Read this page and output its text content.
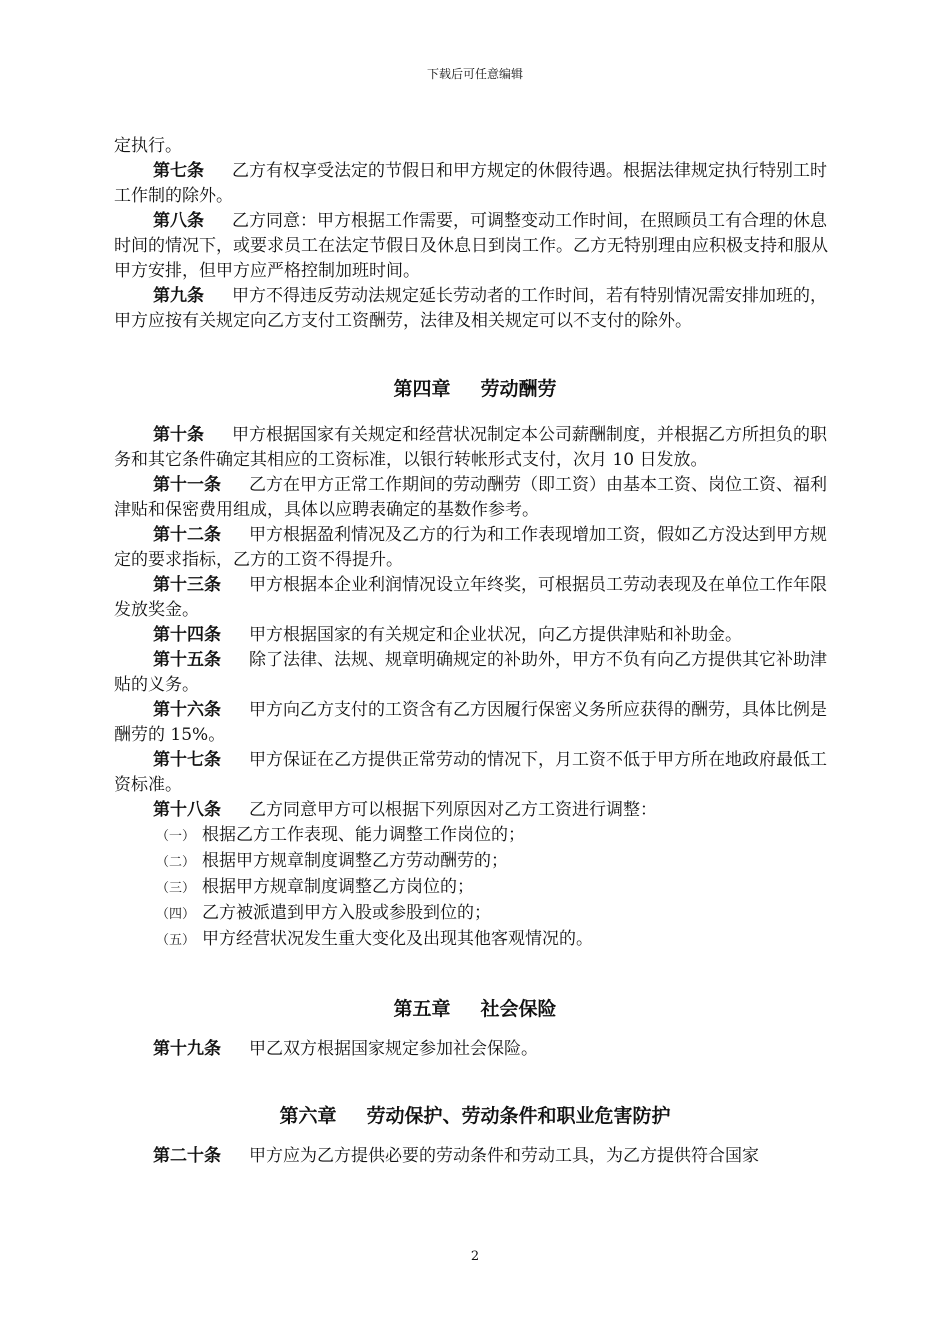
下载后可任意编辑

定执行。

第七条 乙方有权享受法定的节假日和甲方规定的休假待遇。根据法律规定执行特别工时工作制的除外。

第八条 乙方同意：甲方根据工作需要，可调整变动工作时间，在照顾员工有合理的休息时间的情况下，或要求员工在法定节假日及休息日到岗工作。乙方无特别理由应积极支持和服从甲方安排，但甲方应严格控制加班时间。

第九条 甲方不得违反劳动法规定延长劳动者的工作时间，若有特别情况需安排加班的，甲方应按有关规定向乙方支付工资酬劳，法律及相关规定可以不支付的除外。

第四章 劳动酬劳

第十条 甲方根据国家有关规定和经营状况制定本公司薪酬制度，并根据乙方所担负的职务和其它条件确定其相应的工资标准，以银行转帐形式支付，次月 10 日发放。

第十一条 乙方在甲方正常工作期间的劳动酬劳（即工资）由基本工资、岗位工资、福利津贴和保密费用组成，具体以应聘表确定的基数作参考。

第十二条 甲方根据盈利情况及乙方的行为和工作表现增加工资，假如乙方没达到甲方规定的要求指标，乙方的工资不得提升。

第十三条 甲方根据本企业利润情况设立年终奖，可根据员工劳动表现及在单位工作年限发放奖金。

第十四条 甲方根据国家的有关规定和企业状况，向乙方提供津贴和补助金。

第十五条 除了法律、法规、规章明确规定的补助外，甲方不负有向乙方提供其它补助津贴的义务。

第十六条 甲方向乙方支付的工资含有乙方因履行保密义务所应获得的酬劳，具体比例是酬劳的 15%。

第十七条 甲方保证在乙方提供正常劳动的情况下，月工资不低于甲方所在地政府最低工资标准。

第十八条 乙方同意甲方可以根据下列原因对乙方工资进行调整：

（一） 根据乙方工作表现、能力调整工作岗位的；

（二） 根据甲方规章制度调整乙方劳动酬劳的；

（三） 根据甲方规章制度调整乙方岗位的；

（四） 乙方被派遣到甲方入股或参股到位的；

（五） 甲方经营状况发生重大变化及出现其他客观情况的。

第五章 社会保险

第十九条 甲乙双方根据国家规定参加社会保险。

第六章 劳动保护、劳动条件和职业危害防护

第二十条 甲方应为乙方提供必要的劳动条件和劳动工具，为乙方提供符合国家

2
